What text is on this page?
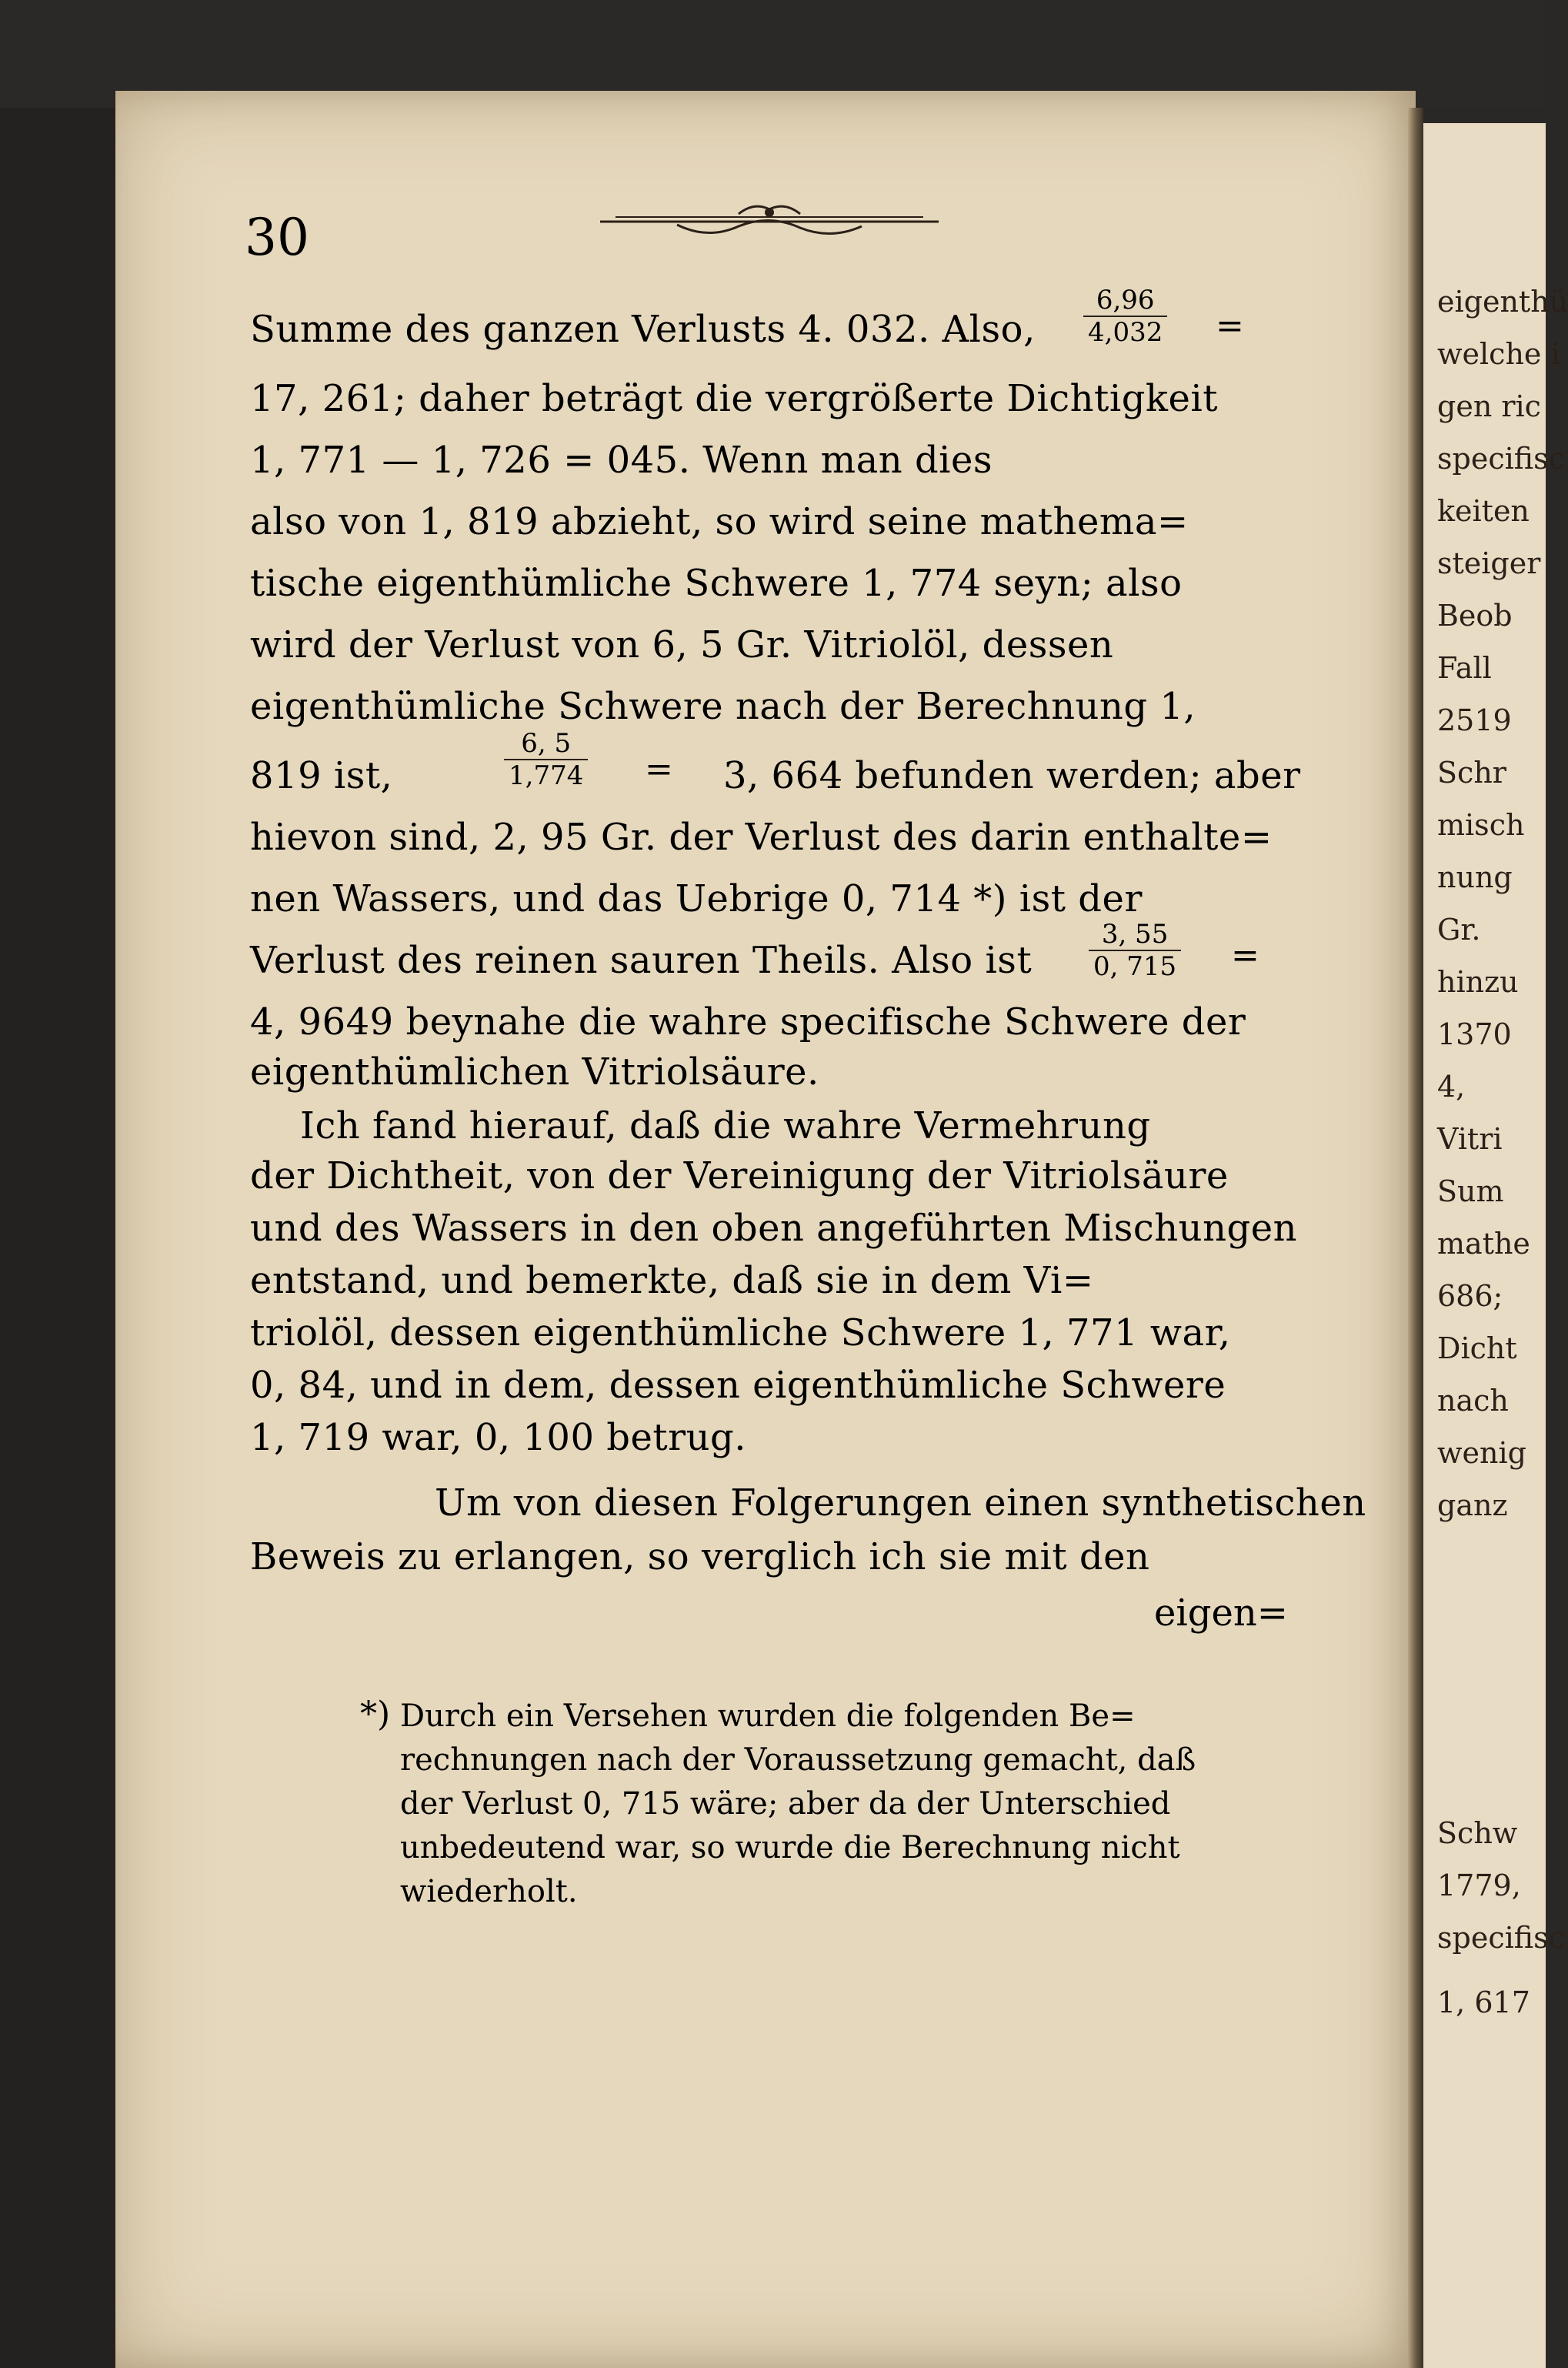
eigenthü
welche i
gen ric
specifisc
keiten
steiger
Beob
Fall
2519
Schr
misch
nung
Gr.
hinzu
1370
4,
Vitri
Sum
mathe
686;
Dicht
nach
wenig
ganz
Schw
1779,
specifisc
1, 617
30
Summe des ganzen Verlusts 4. 032. Also,
6,96
4,032 =
17, 261; daher beträgt die vergrößerte Dichtigkeit
1, 771 — 1, 726 = 045. Wenn man dies
also von 1, 819 abzieht, so wird seine mathema=
tische eigenthümliche Schwere 1, 774 seyn; also
wird der Verlust von 6, 5 Gr. Vitriolöl, dessen
eigenthümliche Schwere nach der Berechnung 1,
819 ist,
6, 5
1,774 = 3, 664 befunden werden; aber
hievon sind, 2, 95 Gr. der Verlust des darin enthalte=
nen Wassers, und das Uebrige 0, 714 *) ist der
Verlust des reinen sauren Theils. Also ist
3, 55
0, 715 =
4, 9649 beynahe die wahre specifische Schwere der
eigenthümlichen Vitriolsäure.
Ich fand hierauf, daß die wahre Vermehrung
der Dichtheit, von der Vereinigung der Vitriolsäure
und des Wassers in den oben angeführten Mischungen
entstand, und bemerkte, daß sie in dem Vi=
triolöl, dessen eigenthümliche Schwere 1, 771 war,
0, 84, und in dem, dessen eigenthümliche Schwere
1, 719 war, 0, 100 betrug.
Um von diesen Folgerungen einen synthetischen
Beweis zu erlangen, so verglich ich sie mit den
eigen=
*) Durch ein Versehen wurden die folgenden Be=
rechnungen nach der Voraussetzung gemacht, daß
der Verlust 0, 715 wäre; aber da der Unterschied
unbedeutend war, so wurde die Berechnung nicht
wiederholt.
